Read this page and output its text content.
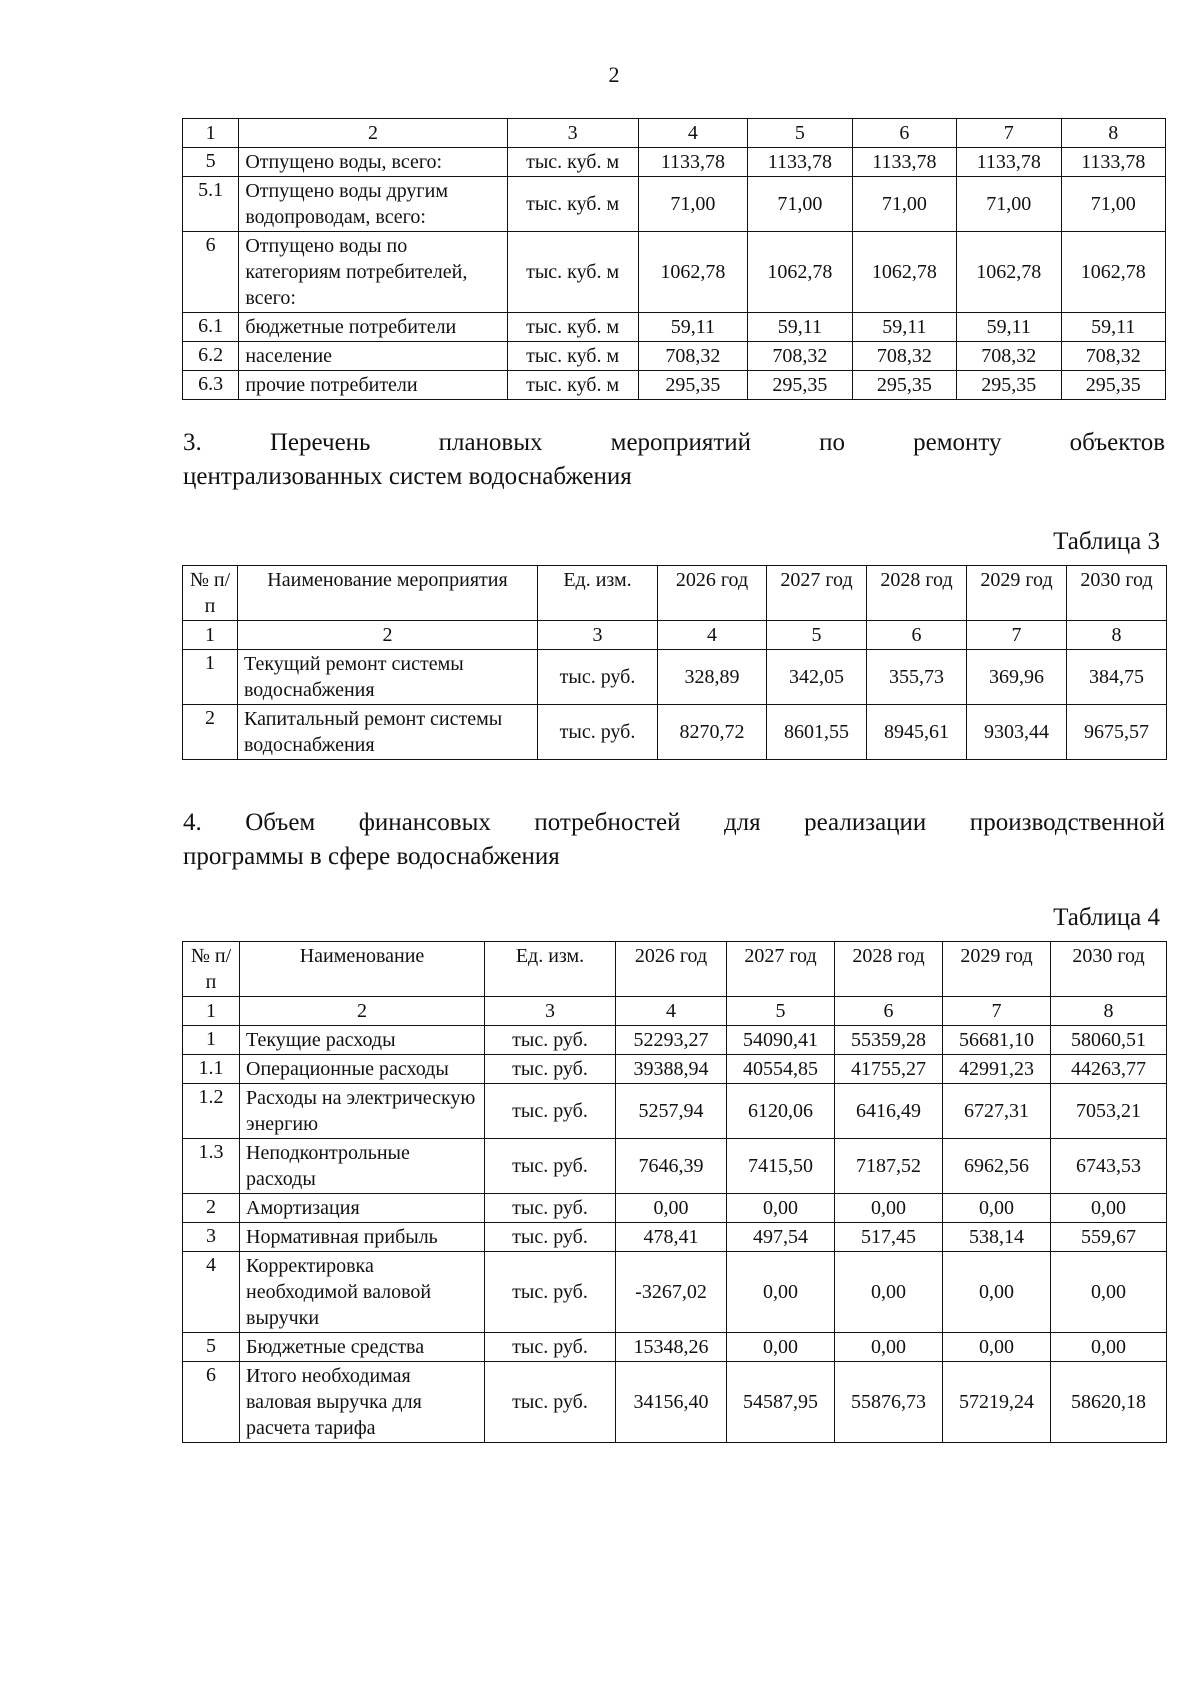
2
1	2	3	4	5	6	7	8
5	Отпущено воды, всего:	тыс. куб. м	1133,78	1133,78	1133,78	1133,78	1133,78
5.1	Отпущено воды другим водопроводам, всего:	тыс. куб. м	71,00	71,00	71,00	71,00	71,00
6	Отпущено воды по категориям потребителей, всего:	тыс. куб. м	1062,78	1062,78	1062,78	1062,78	1062,78
6.1	бюджетные потребители	тыс. куб. м	59,11	59,11	59,11	59,11	59,11
6.2	население	тыс. куб. м	708,32	708,32	708,32	708,32	708,32
6.3	прочие потребители	тыс. куб. м	295,35	295,35	295,35	295,35	295,35
3. Перечень плановых мероприятий по ремонту объектов
централизованных систем водоснабжения
Таблица 3
№ п/п	Наименование мероприятия	Ед. изм.	2026 год	2027 год	2028 год	2029 год	2030 год
1	2	3	4	5	6	7	8
1	Текущий ремонт системы водоснабжения	тыс. руб.	328,89	342,05	355,73	369,96	384,75
2	Капитальный ремонт системы водоснабжения	тыс. руб.	8270,72	8601,55	8945,61	9303,44	9675,57
4. Объем финансовых потребностей для реализации производственной
программы в сфере водоснабжения
Таблица 4
№ п/п	Наименование	Ед. изм.	2026 год	2027 год	2028 год	2029 год	2030 год
1	2	3	4	5	6	7	8
1	Текущие расходы	тыс. руб.	52293,27	54090,41	55359,28	56681,10	58060,51
1.1	Операционные расходы	тыс. руб.	39388,94	40554,85	41755,27	42991,23	44263,77
1.2	Расходы на электрическую энергию	тыс. руб.	5257,94	6120,06	6416,49	6727,31	7053,21
1.3	Неподконтрольные расходы	тыс. руб.	7646,39	7415,50	7187,52	6962,56	6743,53
2	Амортизация	тыс. руб.	0,00	0,00	0,00	0,00	0,00
3	Нормативная прибыль	тыс. руб.	478,41	497,54	517,45	538,14	559,67
4	Корректировка необходимой валовой выручки	тыс. руб.	-3267,02	0,00	0,00	0,00	0,00
5	Бюджетные средства	тыс. руб.	15348,26	0,00	0,00	0,00	0,00
6	Итого необходимая валовая выручка для расчета тарифа	тыс. руб.	34156,40	54587,95	55876,73	57219,24	58620,18
